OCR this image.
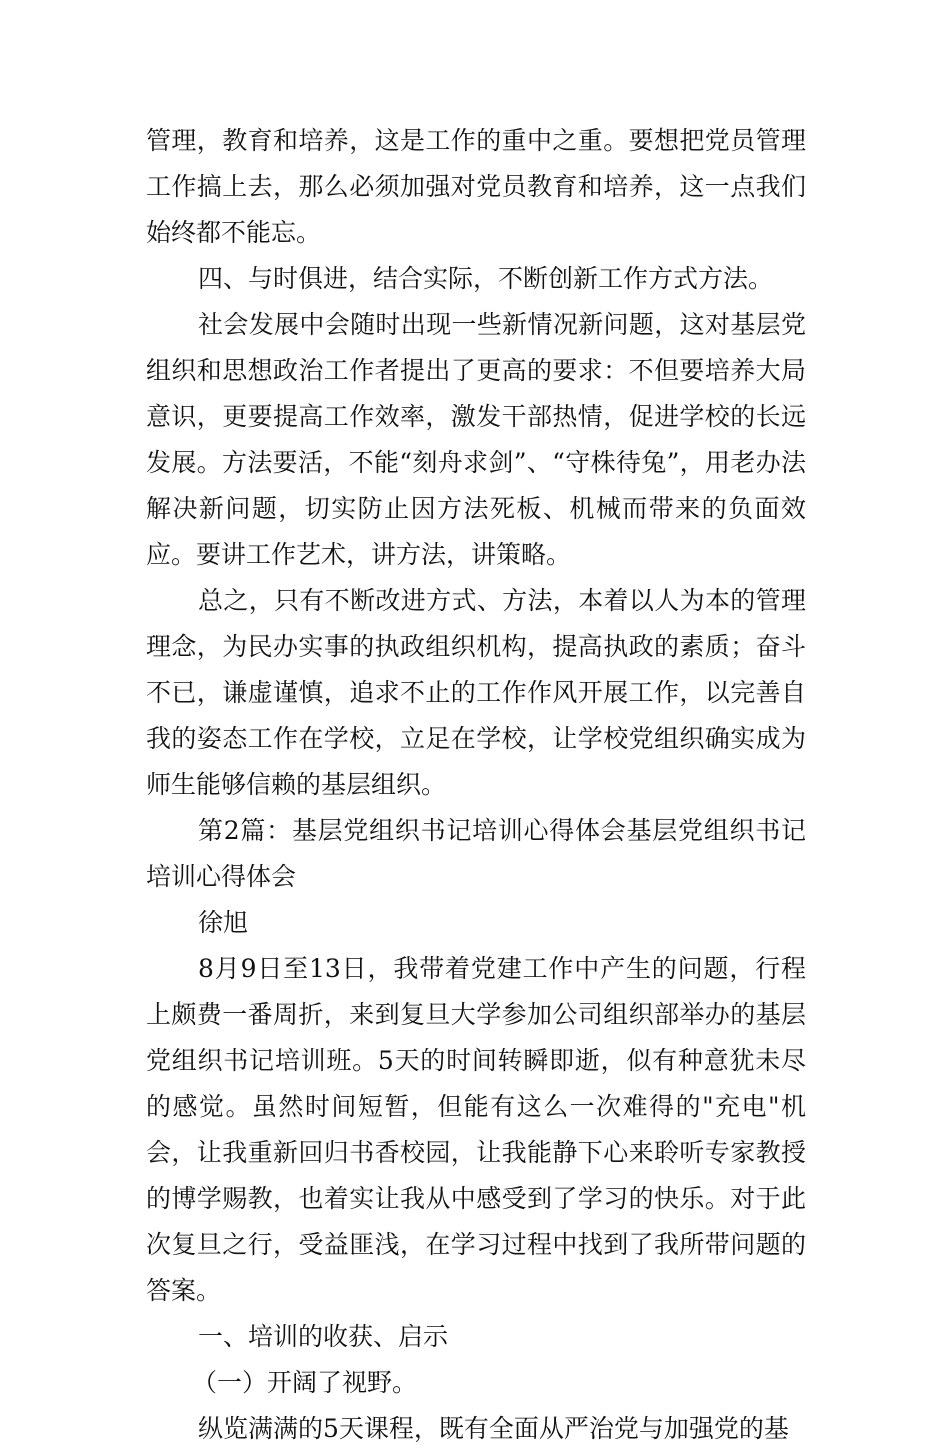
管理，教育和培养，这是工作的重中之重。要想把党员管理工作搞上去，那么必须加强对党员教育和培养，这一点我们始终都不能忘。

四、与时俱进，结合实际，不断创新工作方式方法。

社会发展中会随时出现一些新情况新问题，这对基层党组织和思想政治工作者提出了更高的要求：不但要培养大局意识，更要提高工作效率，激发干部热情，促进学校的长远发展。方法要活，不能“刻舟求剑”、“守株待兔”，用老办法解决新问题，切实防止因方法死板、机械而带来的负面效应。要讲工作艺术，讲方法，讲策略。

总之，只有不断改进方式、方法，本着以人为本的管理理念，为民办实事的执政组织机构，提高执政的素质；奋斗不已，谦虚谨慎，追求不止的工作作风开展工作，以完善自我的姿态工作在学校，立足在学校，让学校党组织确实成为师生能够信赖的基层组织。

第2篇：基层党组织书记培训心得体会基层党组织书记培训心得体会

徐旭

8月9日至13日，我带着党建工作中产生的问题，行程上颇费一番周折，来到复旦大学参加公司组织部举办的基层党组织书记培训班。5天的时间转瞬即逝，似有种意犹未尽的感觉。虽然时间短暂，但能有这么一次难得的"充电"机会，让我重新回归书香校园，让我能静下心来聆听专家教授的博学赐教，也着实让我从中感受到了学习的快乐。对于此次复旦之行，受益匪浅，在学习过程中找到了我所带问题的答案。

一、培训的收获、启示

（一）开阔了视野。

纵览满满的5天课程，既有全面从严治党与加强党的基
